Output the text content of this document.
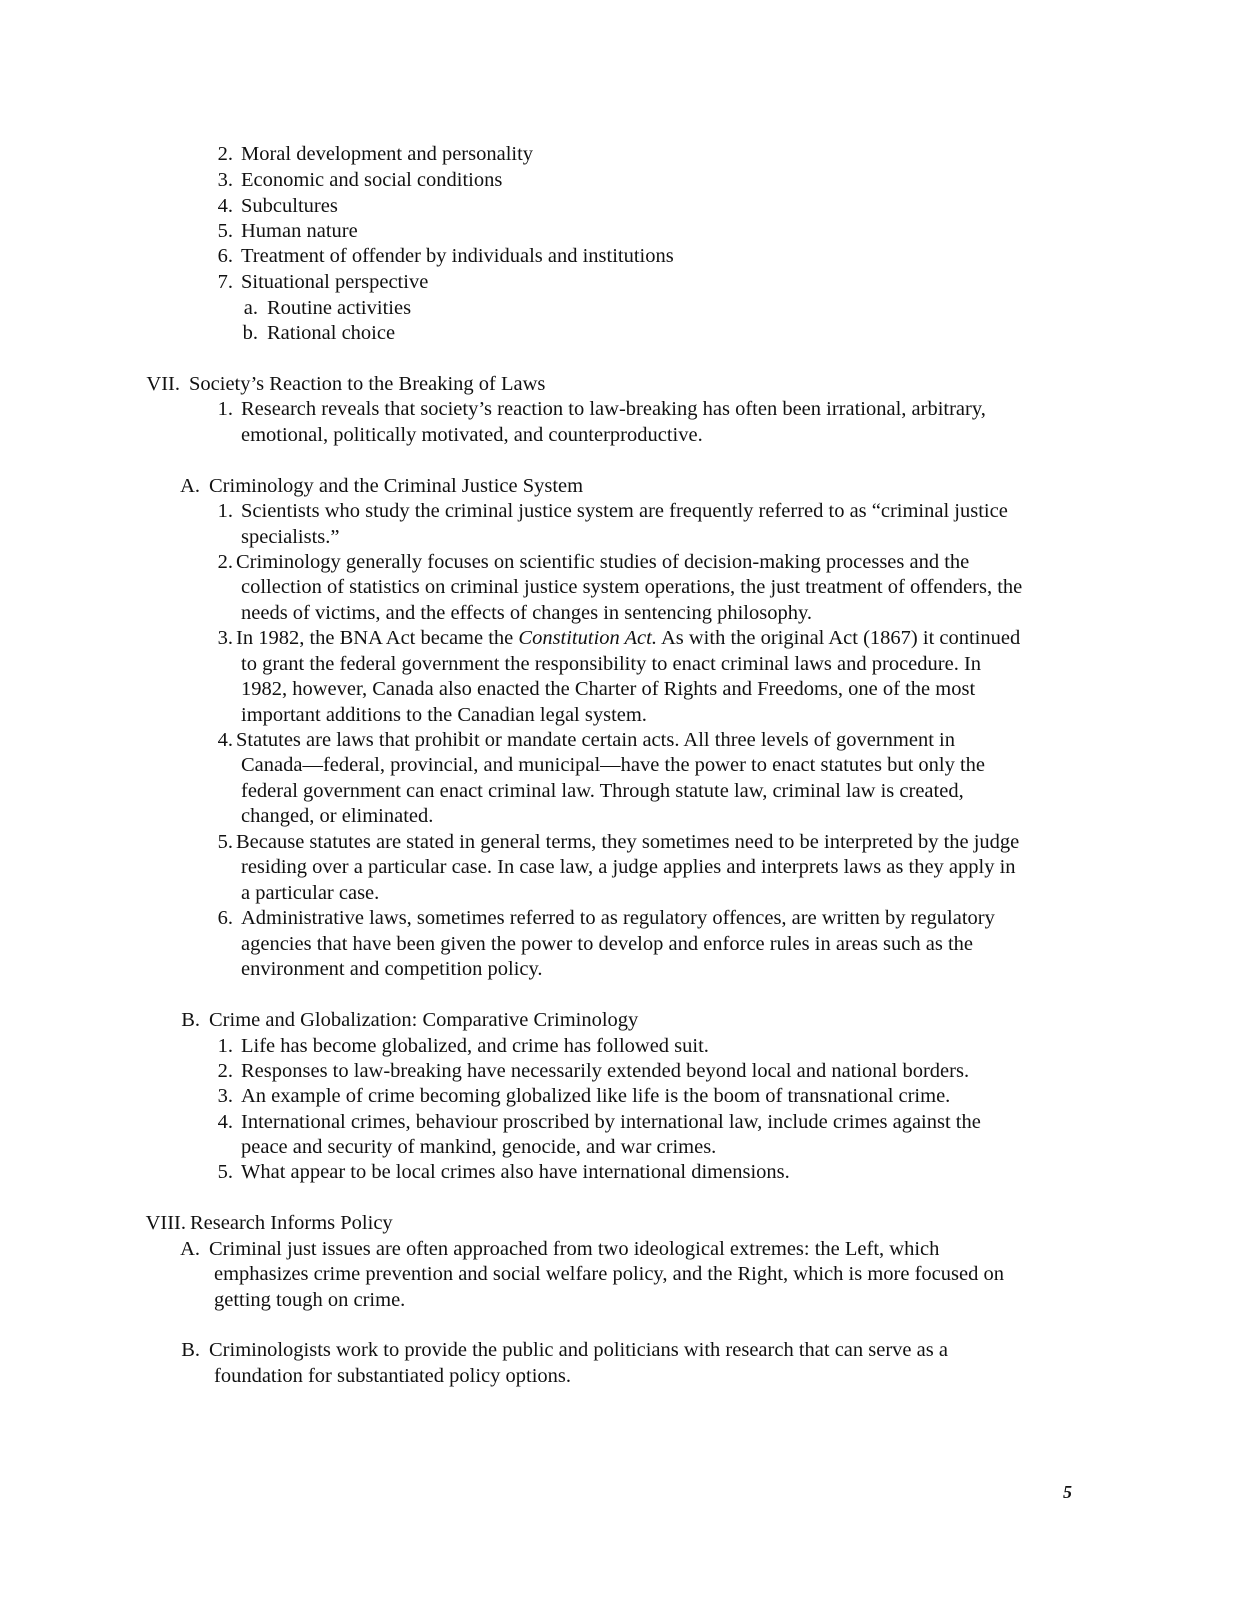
2. Moral development and personality
3. Economic and social conditions
4. Subcultures
5. Human nature
6. Treatment of offender by individuals and institutions
7. Situational perspective
a. Routine activities
b. Rational choice
VII. Society’s Reaction to the Breaking of Laws
1. Research reveals that society’s reaction to law-breaking has often been irrational, arbitrary,
emotional, politically motivated, and counterproductive.
A. Criminology and the Criminal Justice System
1. Scientists who study the criminal justice system are frequently referred to as “criminal justice
specialists.”
2. Criminology generally focuses on scientific studies of decision-making processes and the
collection of statistics on criminal justice system operations, the just treatment of offenders, the
needs of victims, and the effects of changes in sentencing philosophy.
3. In 1982, the BNA Act became the Constitution Act. As with the original Act (1867) it continued
to grant the federal government the responsibility to enact criminal laws and procedure. In
1982, however, Canada also enacted the Charter of Rights and Freedoms, one of the most
important additions to the Canadian legal system.
4. Statutes are laws that prohibit or mandate certain acts. All three levels of government in
Canada—federal, provincial, and municipal—have the power to enact statutes but only the
federal government can enact criminal law. Through statute law, criminal law is created,
changed, or eliminated.
5. Because statutes are stated in general terms, they sometimes need to be interpreted by the judge
residing over a particular case. In case law, a judge applies and interprets laws as they apply in
a particular case.
6. Administrative laws, sometimes referred to as regulatory offences, are written by regulatory
agencies that have been given the power to develop and enforce rules in areas such as the
environment and competition policy.
B. Crime and Globalization: Comparative Criminology
1. Life has become globalized, and crime has followed suit.
2. Responses to law-breaking have necessarily extended beyond local and national borders.
3. An example of crime becoming globalized like life is the boom of transnational crime.
4. International crimes, behaviour proscribed by international law, include crimes against the
peace and security of mankind, genocide, and war crimes.
5. What appear to be local crimes also have international dimensions.
VIII. Research Informs Policy
A. Criminal just issues are often approached from two ideological extremes: the Left, which
emphasizes crime prevention and social welfare policy, and the Right, which is more focused on
getting tough on crime.
B. Criminologists work to provide the public and politicians with research that can serve as a
foundation for substantiated policy options.
5
